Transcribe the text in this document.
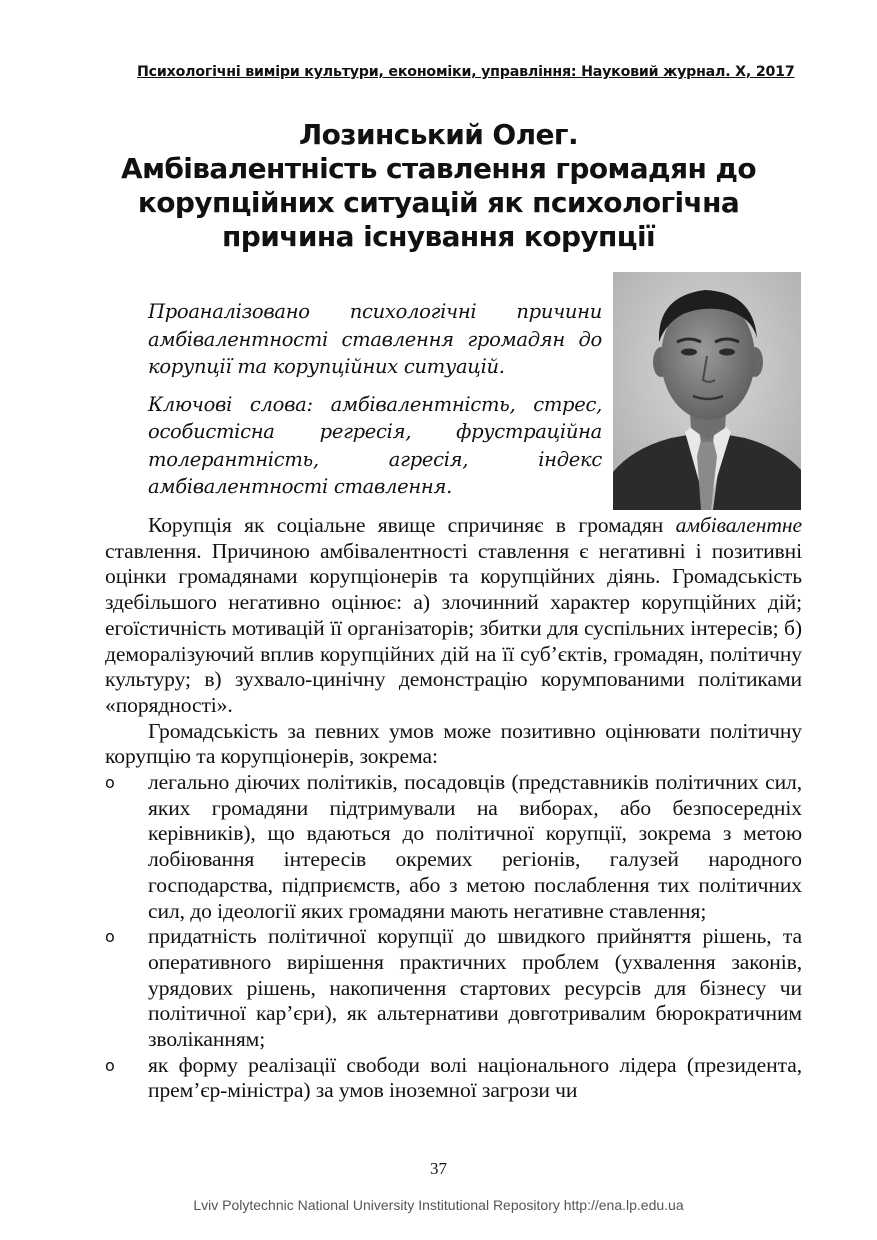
Психологічні виміри культури, економіки, управління: Науковий журнал. Х, 2017
Лозинський Олег.
Амбівалентність ставлення громадян до
корупційних ситуацій як психологічна
причина існування корупції

Проаналізовано психологічні причини амбівалентності ставлення громадян до корупції та корупційних ситуацій.

Ключові слова: амбівалентність, стрес, особистісна регресія, фрустраційна толерантність, агресія, індекс амбівалентності ставлення.

Корупція як соціальне явище спричиняє в громадян амбівалентне ставлення. Причиною амбівалентності ставлення є негативні і позитивні оцінки громадянами корупціонерів та корупційних діянь. Громадськість здебільшого негативно оцінює: а) злочинний характер корупційних дій; егоїстичність мотивацій її організаторів; збитки для суспільних інтересів; б) деморалізуючий вплив корупційних дій на її суб’єктів, громадян, політичну культуру; в) зухвало-цинічну демонстрацію корумпованими політиками «порядності».

Громадськість за певних умов може позитивно оцінювати політичну корупцію та корупціонерів, зокрема:

o легально діючих політиків, посадовців (представників політичних сил, яких громадяни підтримували на виборах, або безпосередніх керівників), що вдаються до політичної корупції, зокрема з метою лобіювання інтересів окремих регіонів, галузей народного господарства, підприємств, або з метою послаблення тих політичних сил, до ідеології яких громадяни мають негативне ставлення;
o придатність політичної корупції до швидкого прийняття рішень, та оперативного вирішення практичних проблем (ухвалення законів, урядових рішень, накопичення стартових ресурсів для бізнесу чи політичної кар’єри), як альтернативи довготривалим бюрократичним зволіканням;
o як форму реалізації свободи волі національного лідера (президента, прем’єр-міністра) за умов іноземної загрози чи
37
Lviv Polytechnic National University Institutional Repository http://ena.lp.edu.ua
